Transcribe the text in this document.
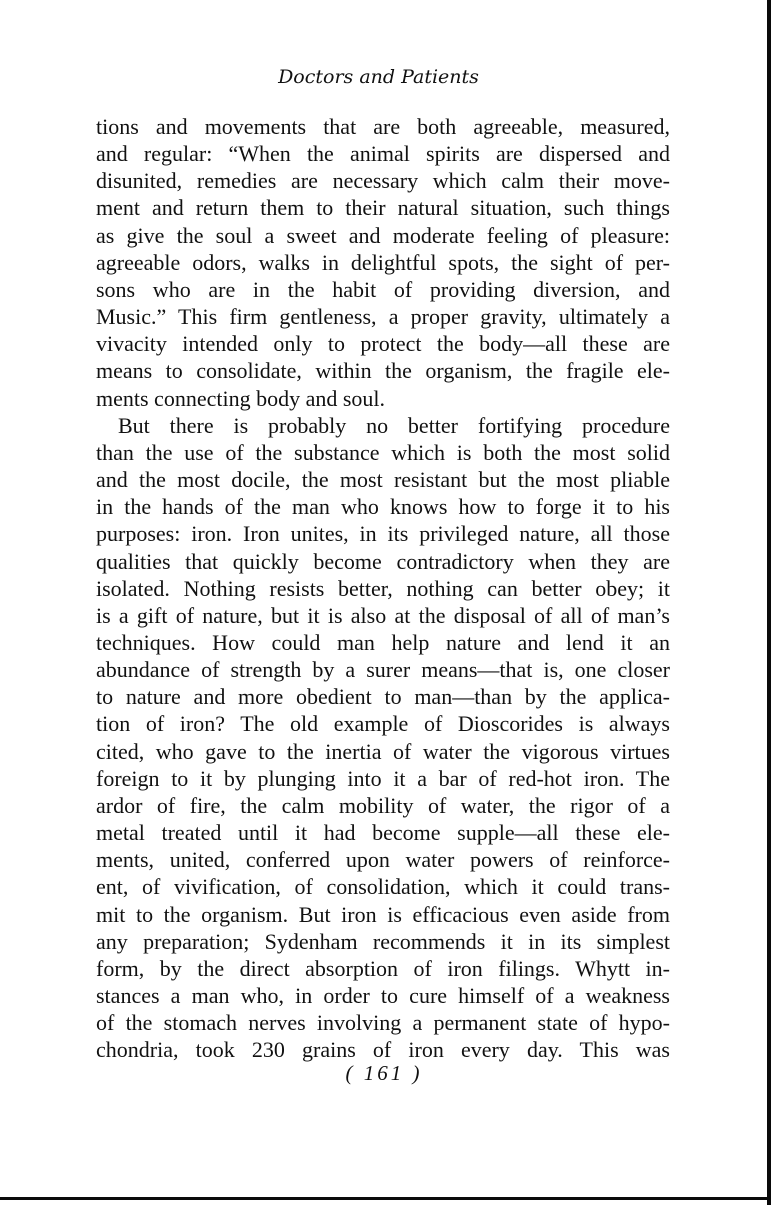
Doctors and Patients
tions and movements that are both agreeable, measured,
and regular: “When the animal spirits are dispersed and
disunited, remedies are necessary which calm their move-
ment and return them to their natural situation, such things
as give the soul a sweet and moderate feeling of pleasure:
agreeable odors, walks in delightful spots, the sight of per-
sons who are in the habit of providing diversion, and
Music.” This firm gentleness, a proper gravity, ultimately a
vivacity intended only to protect the body—all these are
means to consolidate, within the organism, the fragile ele-
ments connecting body and soul.
But there is probably no better fortifying procedure
than the use of the substance which is both the most solid
and the most docile, the most resistant but the most pliable
in the hands of the man who knows how to forge it to his
purposes: iron. Iron unites, in its privileged nature, all those
qualities that quickly become contradictory when they are
isolated. Nothing resists better, nothing can better obey; it
is a gift of nature, but it is also at the disposal of all of man’s
techniques. How could man help nature and lend it an
abundance of strength by a surer means—that is, one closer
to nature and more obedient to man—than by the applica-
tion of iron? The old example of Dioscorides is always
cited, who gave to the inertia of water the vigorous virtues
foreign to it by plunging into it a bar of red-hot iron. The
ardor of fire, the calm mobility of water, the rigor of a
metal treated until it had become supple—all these ele-
ments, united, conferred upon water powers of reinforce-
ent, of vivification, of consolidation, which it could trans-
mit to the organism. But iron is efficacious even aside from
any preparation; Sydenham recommends it in its simplest
form, by the direct absorption of iron filings. Whytt in-
stances a man who, in order to cure himself of a weakness
of the stomach nerves involving a permanent state of hypo-
chondria, took 230 grains of iron every day. This was
( 161 )
